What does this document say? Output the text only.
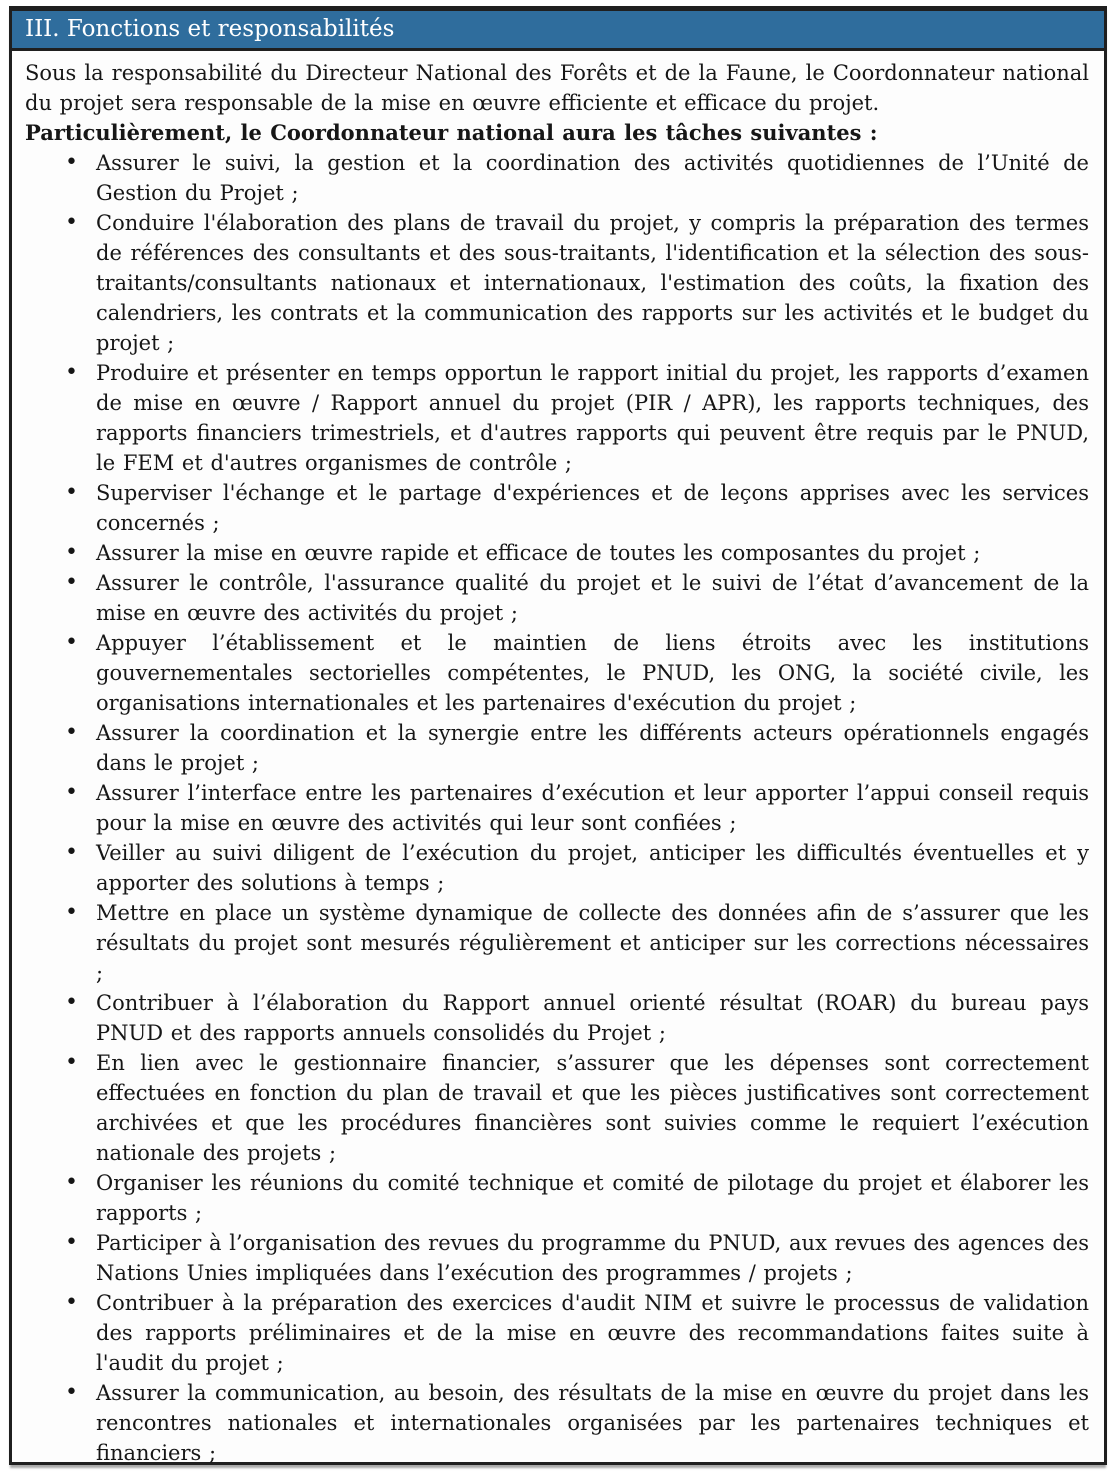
III. Fonctions et responsabilités

Sous la responsabilité du Directeur National des Forêts et de la Faune, le Coordonnateur national du projet sera responsable de la mise en œuvre efficiente et efficace du projet.

Particulièrement, le Coordonnateur national aura les tâches suivantes :

• Assurer le suivi, la gestion et la coordination des activités quotidiennes de l’Unité de Gestion du Projet ;
• Conduire l'élaboration des plans de travail du projet, y compris la préparation des termes de références des consultants et des sous-traitants, l'identification et la sélection des sous-traitants/consultants nationaux et internationaux, l'estimation des coûts, la fixation des calendriers, les contrats et la communication des rapports sur les activités et le budget du projet ;
• Produire et présenter en temps opportun le rapport initial du projet, les rapports d’examen de mise en œuvre / Rapport annuel du projet (PIR / APR), les rapports techniques, des rapports financiers trimestriels, et d'autres rapports qui peuvent être requis par le PNUD, le FEM et d'autres organismes de contrôle ;
• Superviser l'échange et le partage d'expériences et de leçons apprises avec les services concernés ;
• Assurer la mise en œuvre rapide et efficace de toutes les composantes du projet ;
• Assurer le contrôle, l'assurance qualité du projet et le suivi de l’état d’avancement de la mise en œuvre des activités du projet ;
• Appuyer l’établissement et le maintien de liens étroits avec les institutions gouvernementales sectorielles compétentes, le PNUD, les ONG, la société civile, les organisations internationales et les partenaires d'exécution du projet ;
• Assurer la coordination et la synergie entre les différents acteurs opérationnels engagés dans le projet ;
• Assurer l’interface entre les partenaires d’exécution et leur apporter l’appui conseil requis pour la mise en œuvre des activités qui leur sont confiées ;
• Veiller au suivi diligent de l’exécution du projet, anticiper les difficultés éventuelles et y apporter des solutions à temps ;
• Mettre en place un système dynamique de collecte des données afin de s’assurer que les résultats du projet sont mesurés régulièrement et anticiper sur les corrections nécessaires ;
• Contribuer à l’élaboration du Rapport annuel orienté résultat (ROAR) du bureau pays PNUD et des rapports annuels consolidés du Projet ;
• En lien avec le gestionnaire financier, s’assurer que les dépenses sont correctement effectuées en fonction du plan de travail et que les pièces justificatives sont correctement archivées et que les procédures financières sont suivies comme le requiert l’exécution nationale des projets ;
• Organiser les réunions du comité technique et comité de pilotage du projet et élaborer les rapports ;
• Participer à l’organisation des revues du programme du PNUD, aux revues des agences des Nations Unies impliquées dans l’exécution des programmes / projets ;
• Contribuer à la préparation des exercices d'audit NIM et suivre le processus de validation des rapports préliminaires et de la mise en œuvre des recommandations faites suite à l'audit du projet ;
• Assurer la communication, au besoin, des résultats de la mise en œuvre du projet dans les rencontres nationales et internationales organisées par les partenaires techniques et financiers ;
